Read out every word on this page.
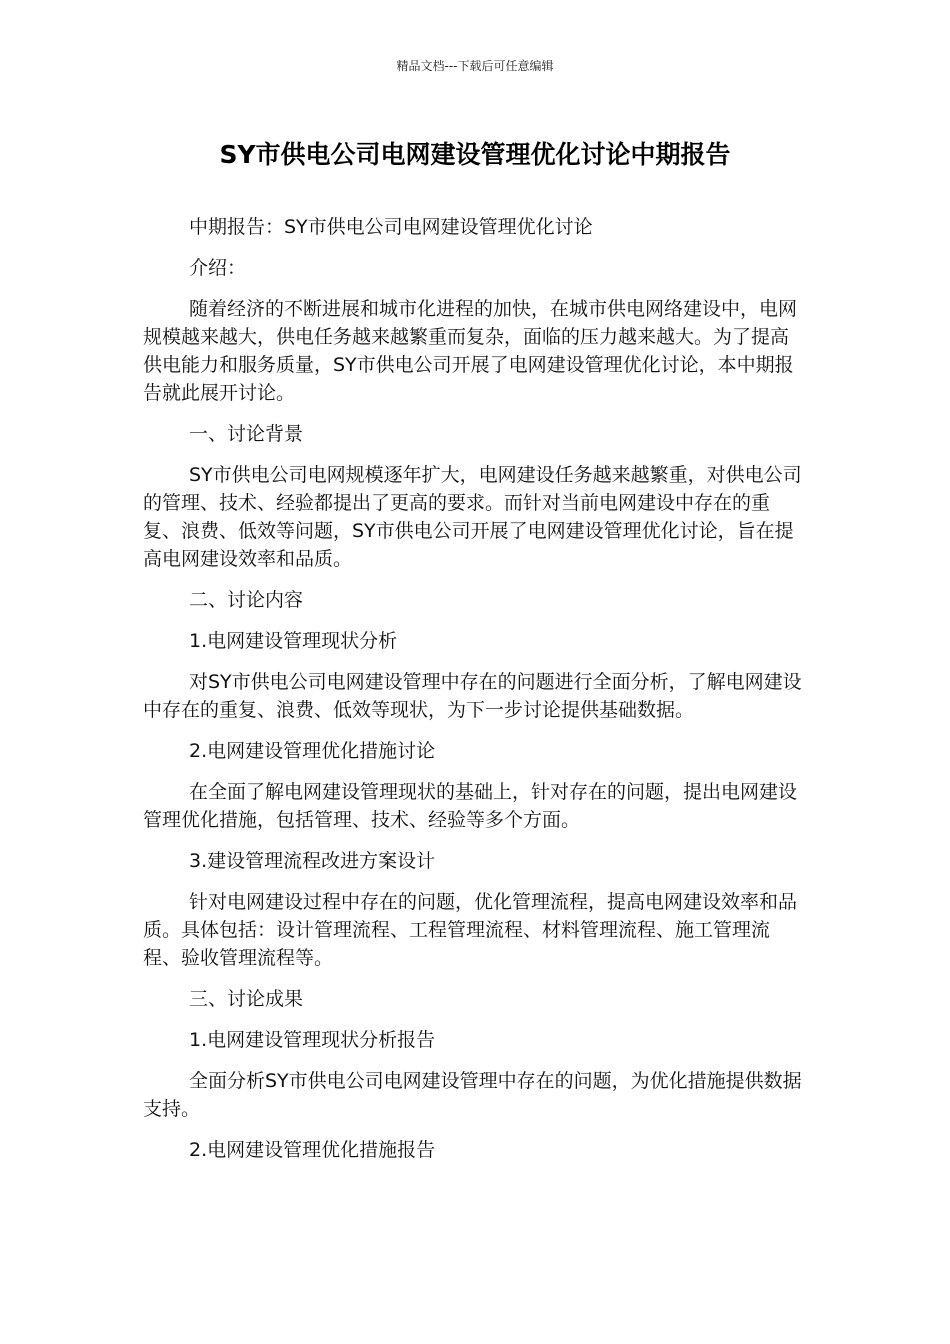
精品文档---下载后可任意编辑
SY市供电公司电网建设管理优化讨论中期报告

中期报告：SY市供电公司电网建设管理优化讨论

介绍：

随着经济的不断进展和城市化进程的加快，在城市供电网络建设中，电网规模越来越大，供电任务越来越繁重而复杂，面临的压力越来越大。为了提高供电能力和服务质量，SY市供电公司开展了电网建设管理优化讨论，本中期报告就此展开讨论。

一、讨论背景

SY市供电公司电网规模逐年扩大，电网建设任务越来越繁重，对供电公司的管理、技术、经验都提出了更高的要求。而针对当前电网建设中存在的重复、浪费、低效等问题，SY市供电公司开展了电网建设管理优化讨论，旨在提高电网建设效率和品质。

二、讨论内容

1.电网建设管理现状分析

对SY市供电公司电网建设管理中存在的问题进行全面分析，了解电网建设中存在的重复、浪费、低效等现状，为下一步讨论提供基础数据。

2.电网建设管理优化措施讨论

在全面了解电网建设管理现状的基础上，针对存在的问题，提出电网建设管理优化措施，包括管理、技术、经验等多个方面。

3.建设管理流程改进方案设计

针对电网建设过程中存在的问题，优化管理流程，提高电网建设效率和品质。具体包括：设计管理流程、工程管理流程、材料管理流程、施工管理流程、验收管理流程等。

三、讨论成果

1.电网建设管理现状分析报告

全面分析SY市供电公司电网建设管理中存在的问题，为优化措施提供数据支持。

2.电网建设管理优化措施报告
